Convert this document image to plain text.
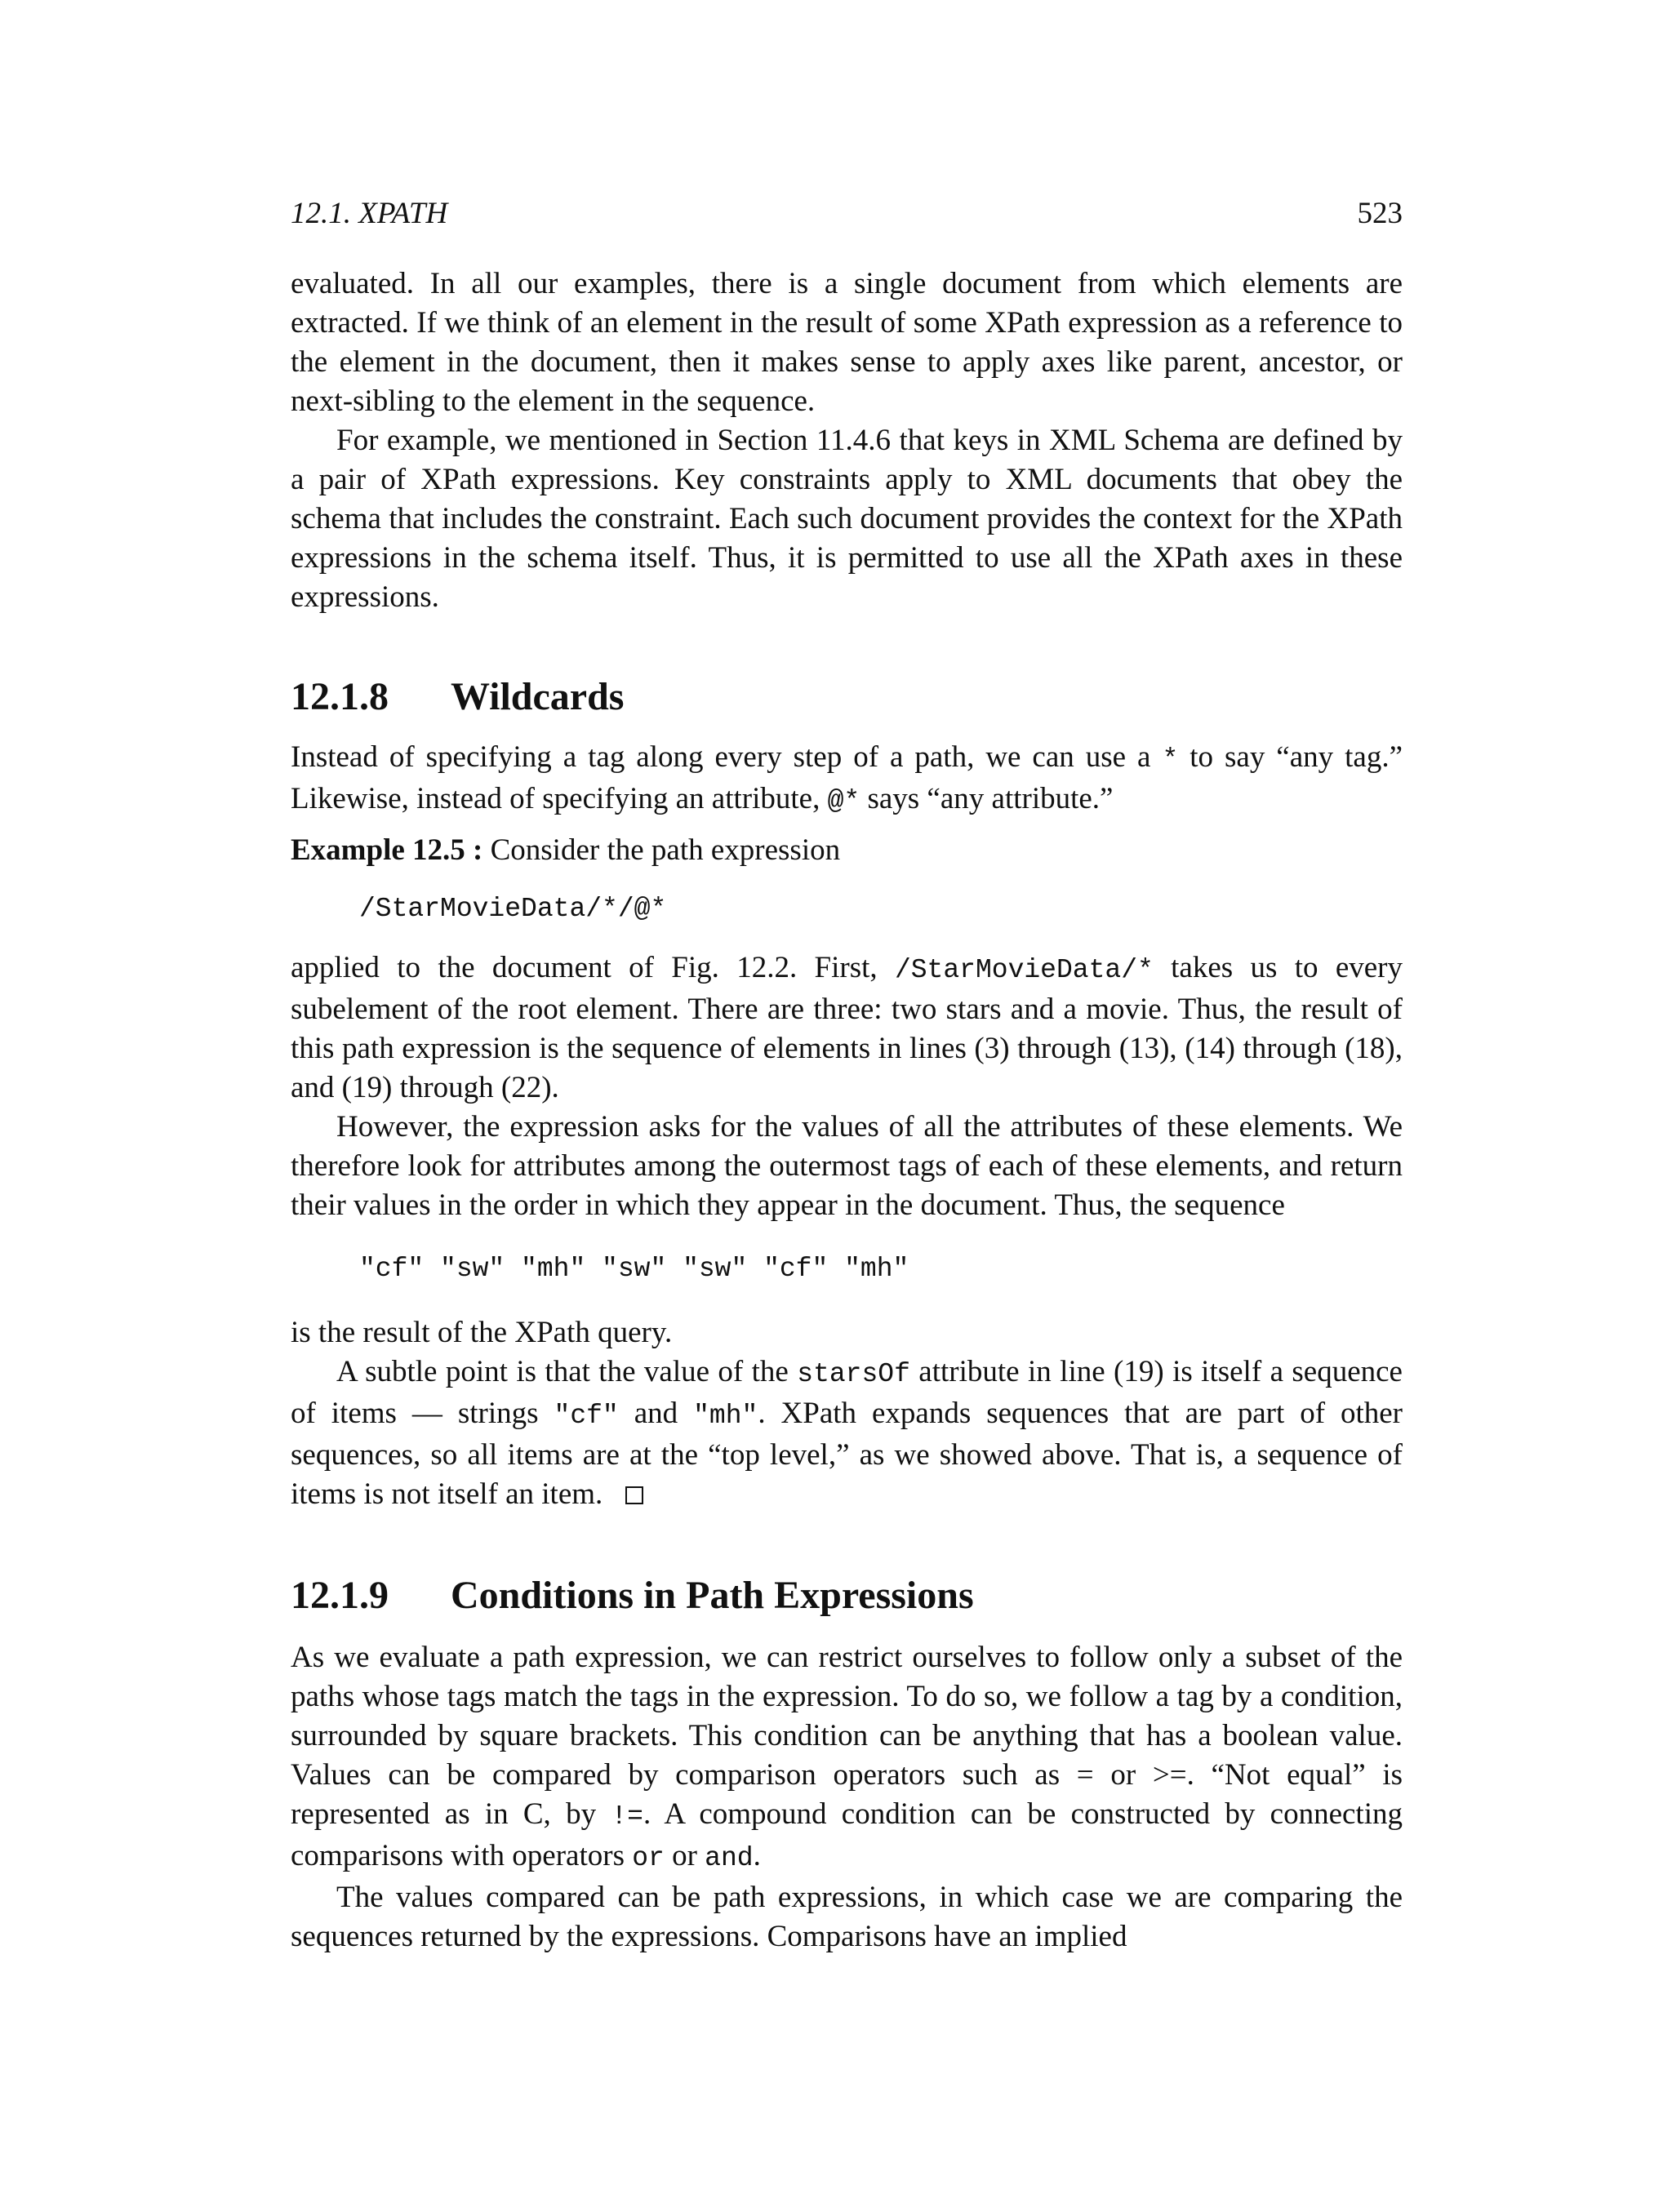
12.1. XPATH	523

evaluated. In all our examples, there is a single document from which elements are extracted. If we think of an element in the result of some XPath expression as a reference to the element in the document, then it makes sense to apply axes like parent, ancestor, or next-sibling to the element in the sequence.

For example, we mentioned in Section 11.4.6 that keys in XML Schema are defined by a pair of XPath expressions. Key constraints apply to XML documents that obey the schema that includes the constraint. Each such document provides the context for the XPath expressions in the schema itself. Thus, it is permitted to use all the XPath axes in these expressions.

12.1.8 Wildcards

Instead of specifying a tag along every step of a path, we can use a * to say “any tag.” Likewise, instead of specifying an attribute, @* says “any attribute.”

Example 12.5 : Consider the path expression

/StarMovieData/*/@*

applied to the document of Fig. 12.2. First, /StarMovieData/* takes us to every subelement of the root element. There are three: two stars and a movie. Thus, the result of this path expression is the sequence of elements in lines (3) through (13), (14) through (18), and (19) through (22).

However, the expression asks for the values of all the attributes of these elements. We therefore look for attributes among the outermost tags of each of these elements, and return their values in the order in which they appear in the document. Thus, the sequence

"cf" "sw" "mh" "sw" "sw" "cf" "mh"

is the result of the XPath query.

A subtle point is that the value of the starsOf attribute in line (19) is itself a sequence of items — strings "cf" and "mh". XPath expands sequences that are part of other sequences, so all items are at the “top level,” as we showed above. That is, a sequence of items is not itself an item.

12.1.9 Conditions in Path Expressions

As we evaluate a path expression, we can restrict ourselves to follow only a subset of the paths whose tags match the tags in the expression. To do so, we follow a tag by a condition, surrounded by square brackets. This condition can be anything that has a boolean value. Values can be compared by comparison operators such as = or >=. “Not equal” is represented as in C, by !=. A compound condition can be constructed by connecting comparisons with operators or or and.

The values compared can be path expressions, in which case we are comparing the sequences returned by the expressions. Comparisons have an implied
